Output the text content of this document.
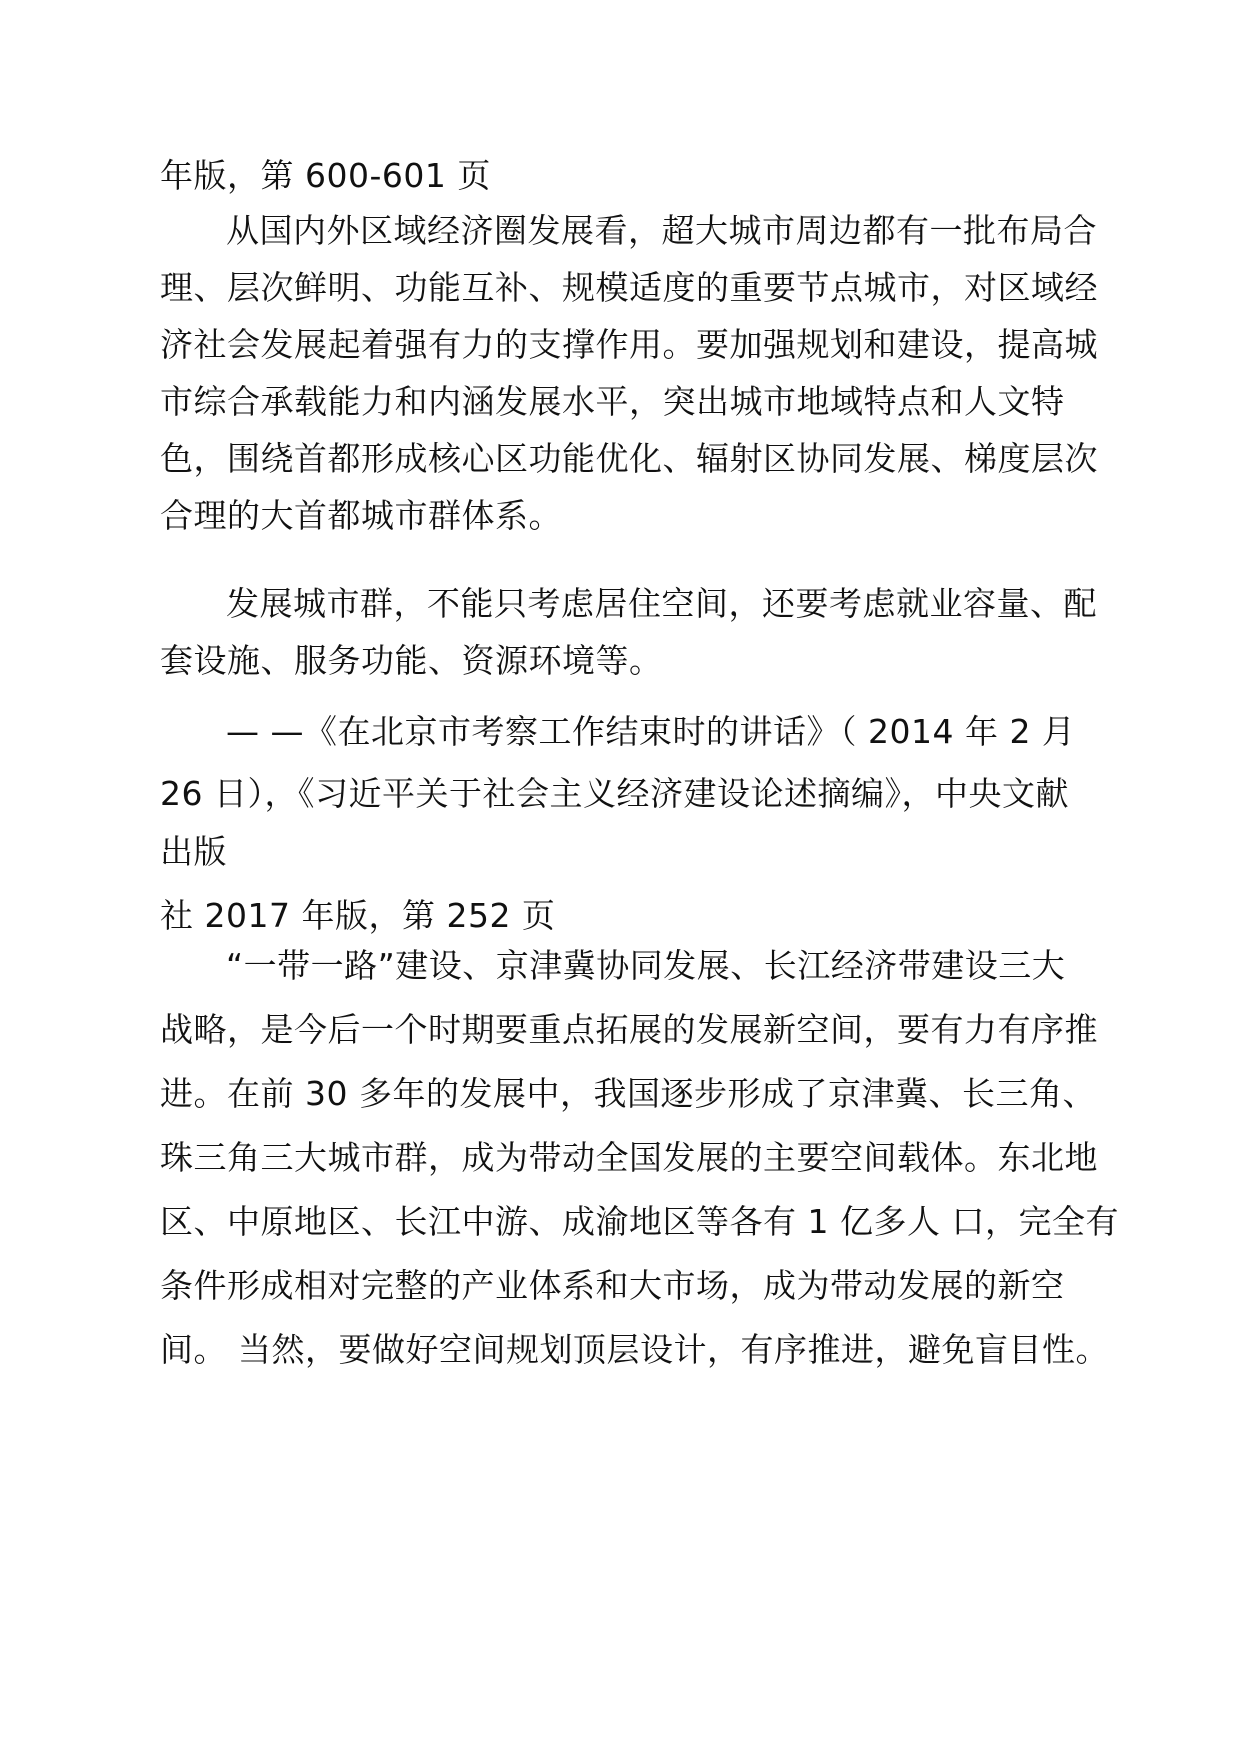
年版，第 600-601 页
从国内外区域经济圈发展看，超大城市周边都有一批布局合
理、层次鲜明、功能互补、规模适度的重要节点城市，对区域经
济社会发展起着强有力的支撑作用。要加强规划和建设，提高城
市综合承载能力和内涵发展水平，突出城市地域特点和人文特
色，围绕首都形成核心区功能优化、辐射区协同发展、梯度层次
合理的大首都城市群体系。
发展城市群，不能只考虑居住空间，还要考虑就业容量、配
套设施、服务功能、资源环境等。
— —《在北京市考察工作结束时的讲话》（ 2014 年 2 月
26 日），《习近平关于社会主义经济建设论述摘编》，中央文献
出版
社 2017 年版，第 252 页
“一带一路”建设、京津冀协同发展、长江经济带建设三大
战略，是今后一个时期要重点拓展的发展新空间，要有力有序推
进。在前 30 多年的发展中，我国逐步形成了京津冀、长三角、
珠三角三大城市群，成为带动全国发展的主要空间载体。东北地
区、中原地区、长江中游、成渝地区等各有 1 亿多人 口，完全有
条件形成相对完整的产业体系和大市场，成为带动发展的新空
间。 当然，要做好空间规划顶层设计，有序推进，避免盲目性。
